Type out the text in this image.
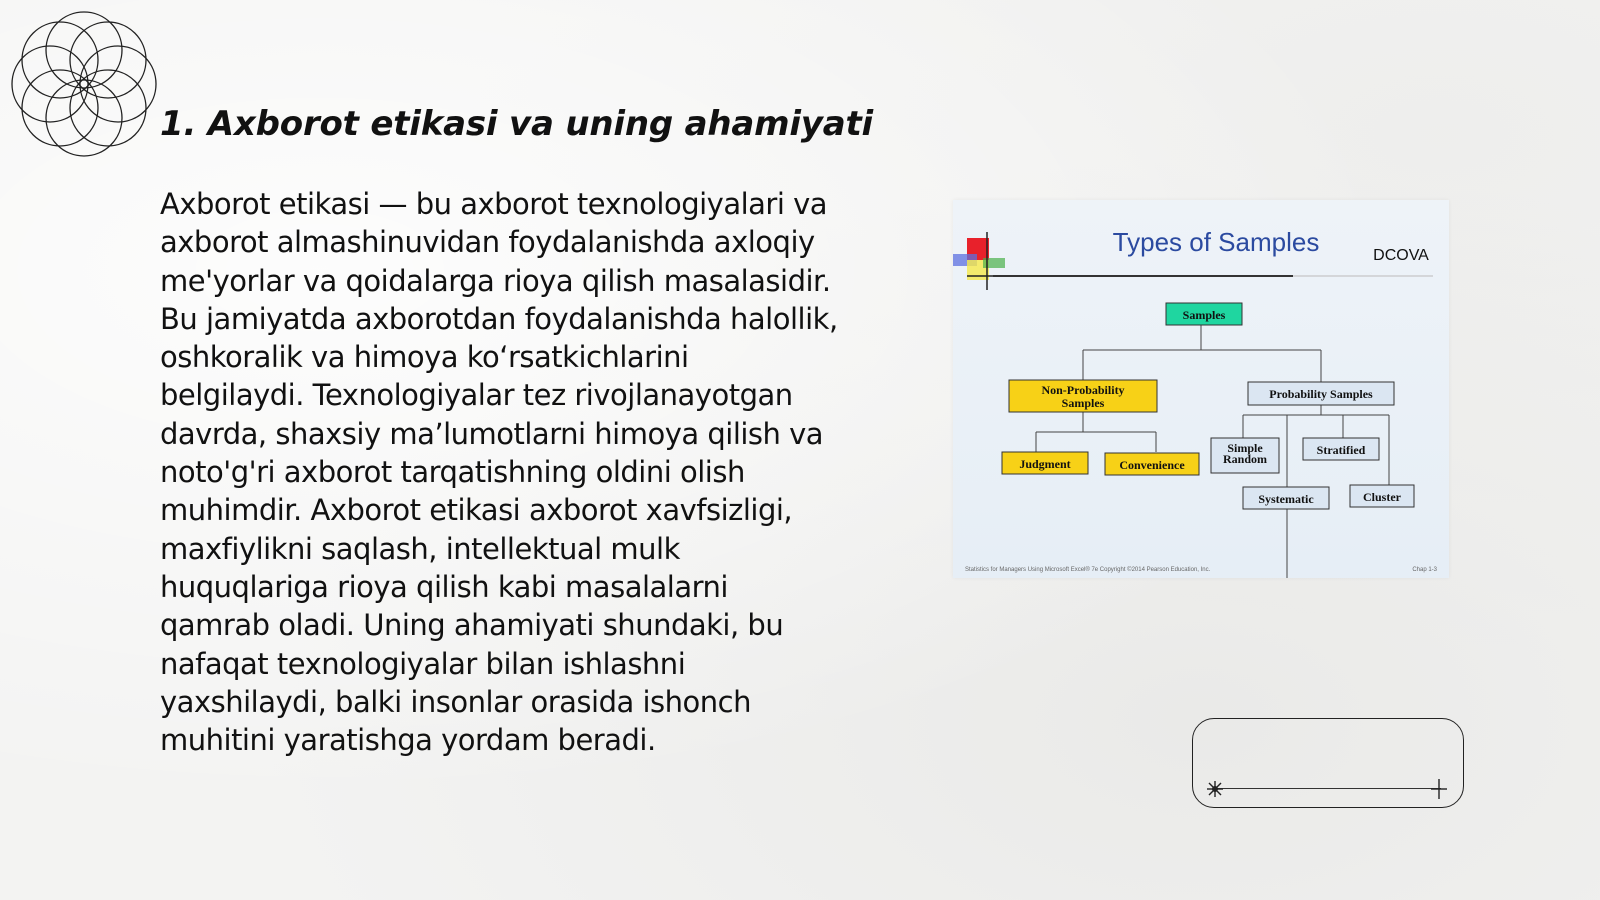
1. Axborot etikasi va uning ahamiyati

Axborot etikasi — bu axborot texnologiyalari va axborot almashinuvidan foydalanishda axloqiy me'yorlar va qoidalarga rioya qilish masalasidir. Bu jamiyatda axborotdan foydalanishda halollik, oshkoralik va himoya ko‘rsatkichlarini belgilaydi. Texnologiyalar tez rivojlanayotgan davrda, shaxsiy ma’lumotlarni himoya qilish va noto'g'ri axborot tarqatishning oldini olish muhimdir. Axborot etikasi axborot xavfsizligi, maxfiylikni saqlash, intellektual mulk huquqlariga rioya qilish kabi masalalarni qamrab oladi. Uning ahamiyati shundaki, bu nafaqat texnologiyalar bilan ishlashni yaxshilaydi, balki insonlar orasida ishonch muhitini yaratishga yordam beradi.

Types of Samples	DCOVA
Samples
Non-Probability
Samples
Probability Samples
Judgment	Convenience
Simple
Random
Stratified
Systematic	Cluster
Statistics for Managers Using Microsoft Excel® 7e Copyright ©2014 Pearson Education, Inc.	Chap 1-3
